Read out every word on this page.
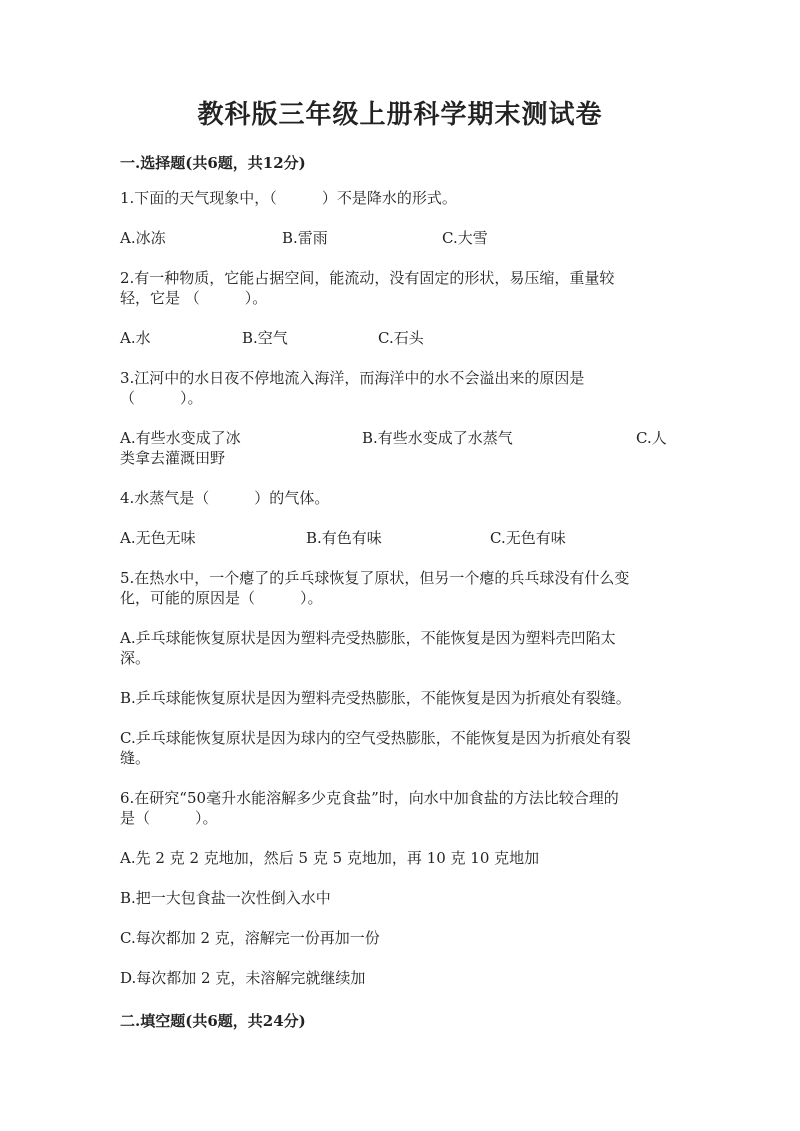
教科版三年级上册科学期末测试卷
一.选择题(共6题，共12分)
1.下面的天气现象中，（　　　）不是降水的形式。
A.冰冻	B.雷雨	C.大雪
2.有一种物质，它能占据空间，能流动，没有固定的形状，易压缩，重量较
轻，它是 （　　　）。
A.水	B.空气	C.石头
3.江河中的水日夜不停地流入海洋，而海洋中的水不会溢出来的原因是
（　　　）。
A.有些水变成了冰	B.有些水变成了水蒸气	C.人
类拿去灌溉田野
4.水蒸气是（　　　）的气体。
A.无色无味	B.有色有味	C.无色有味
5.在热水中，一个瘪了的乒乓球恢复了原状，但另一个瘪的兵乓球没有什么变
化，可能的原因是（　　　）。
A.乒乓球能恢复原状是因为塑料壳受热膨胀，不能恢复是因为塑料壳凹陷太
深。
B.乒乓球能恢复原状是因为塑料壳受热膨胀，不能恢复是因为折痕处有裂缝。
C.乒乓球能恢复原状是因为球内的空气受热膨胀，不能恢复是因为折痕处有裂
缝。
6.在研究“50毫升水能溶解多少克食盐”时，向水中加食盐的方法比较合理的
是（　　　）。
A.先 2 克 2 克地加，然后 5 克 5 克地加，再 10 克 10 克地加
B.把一大包食盐一次性倒入水中
C.每次都加 2 克，溶解完一份再加一份
D.每次都加 2 克，未溶解完就继续加
二.填空题(共6题，共24分)
